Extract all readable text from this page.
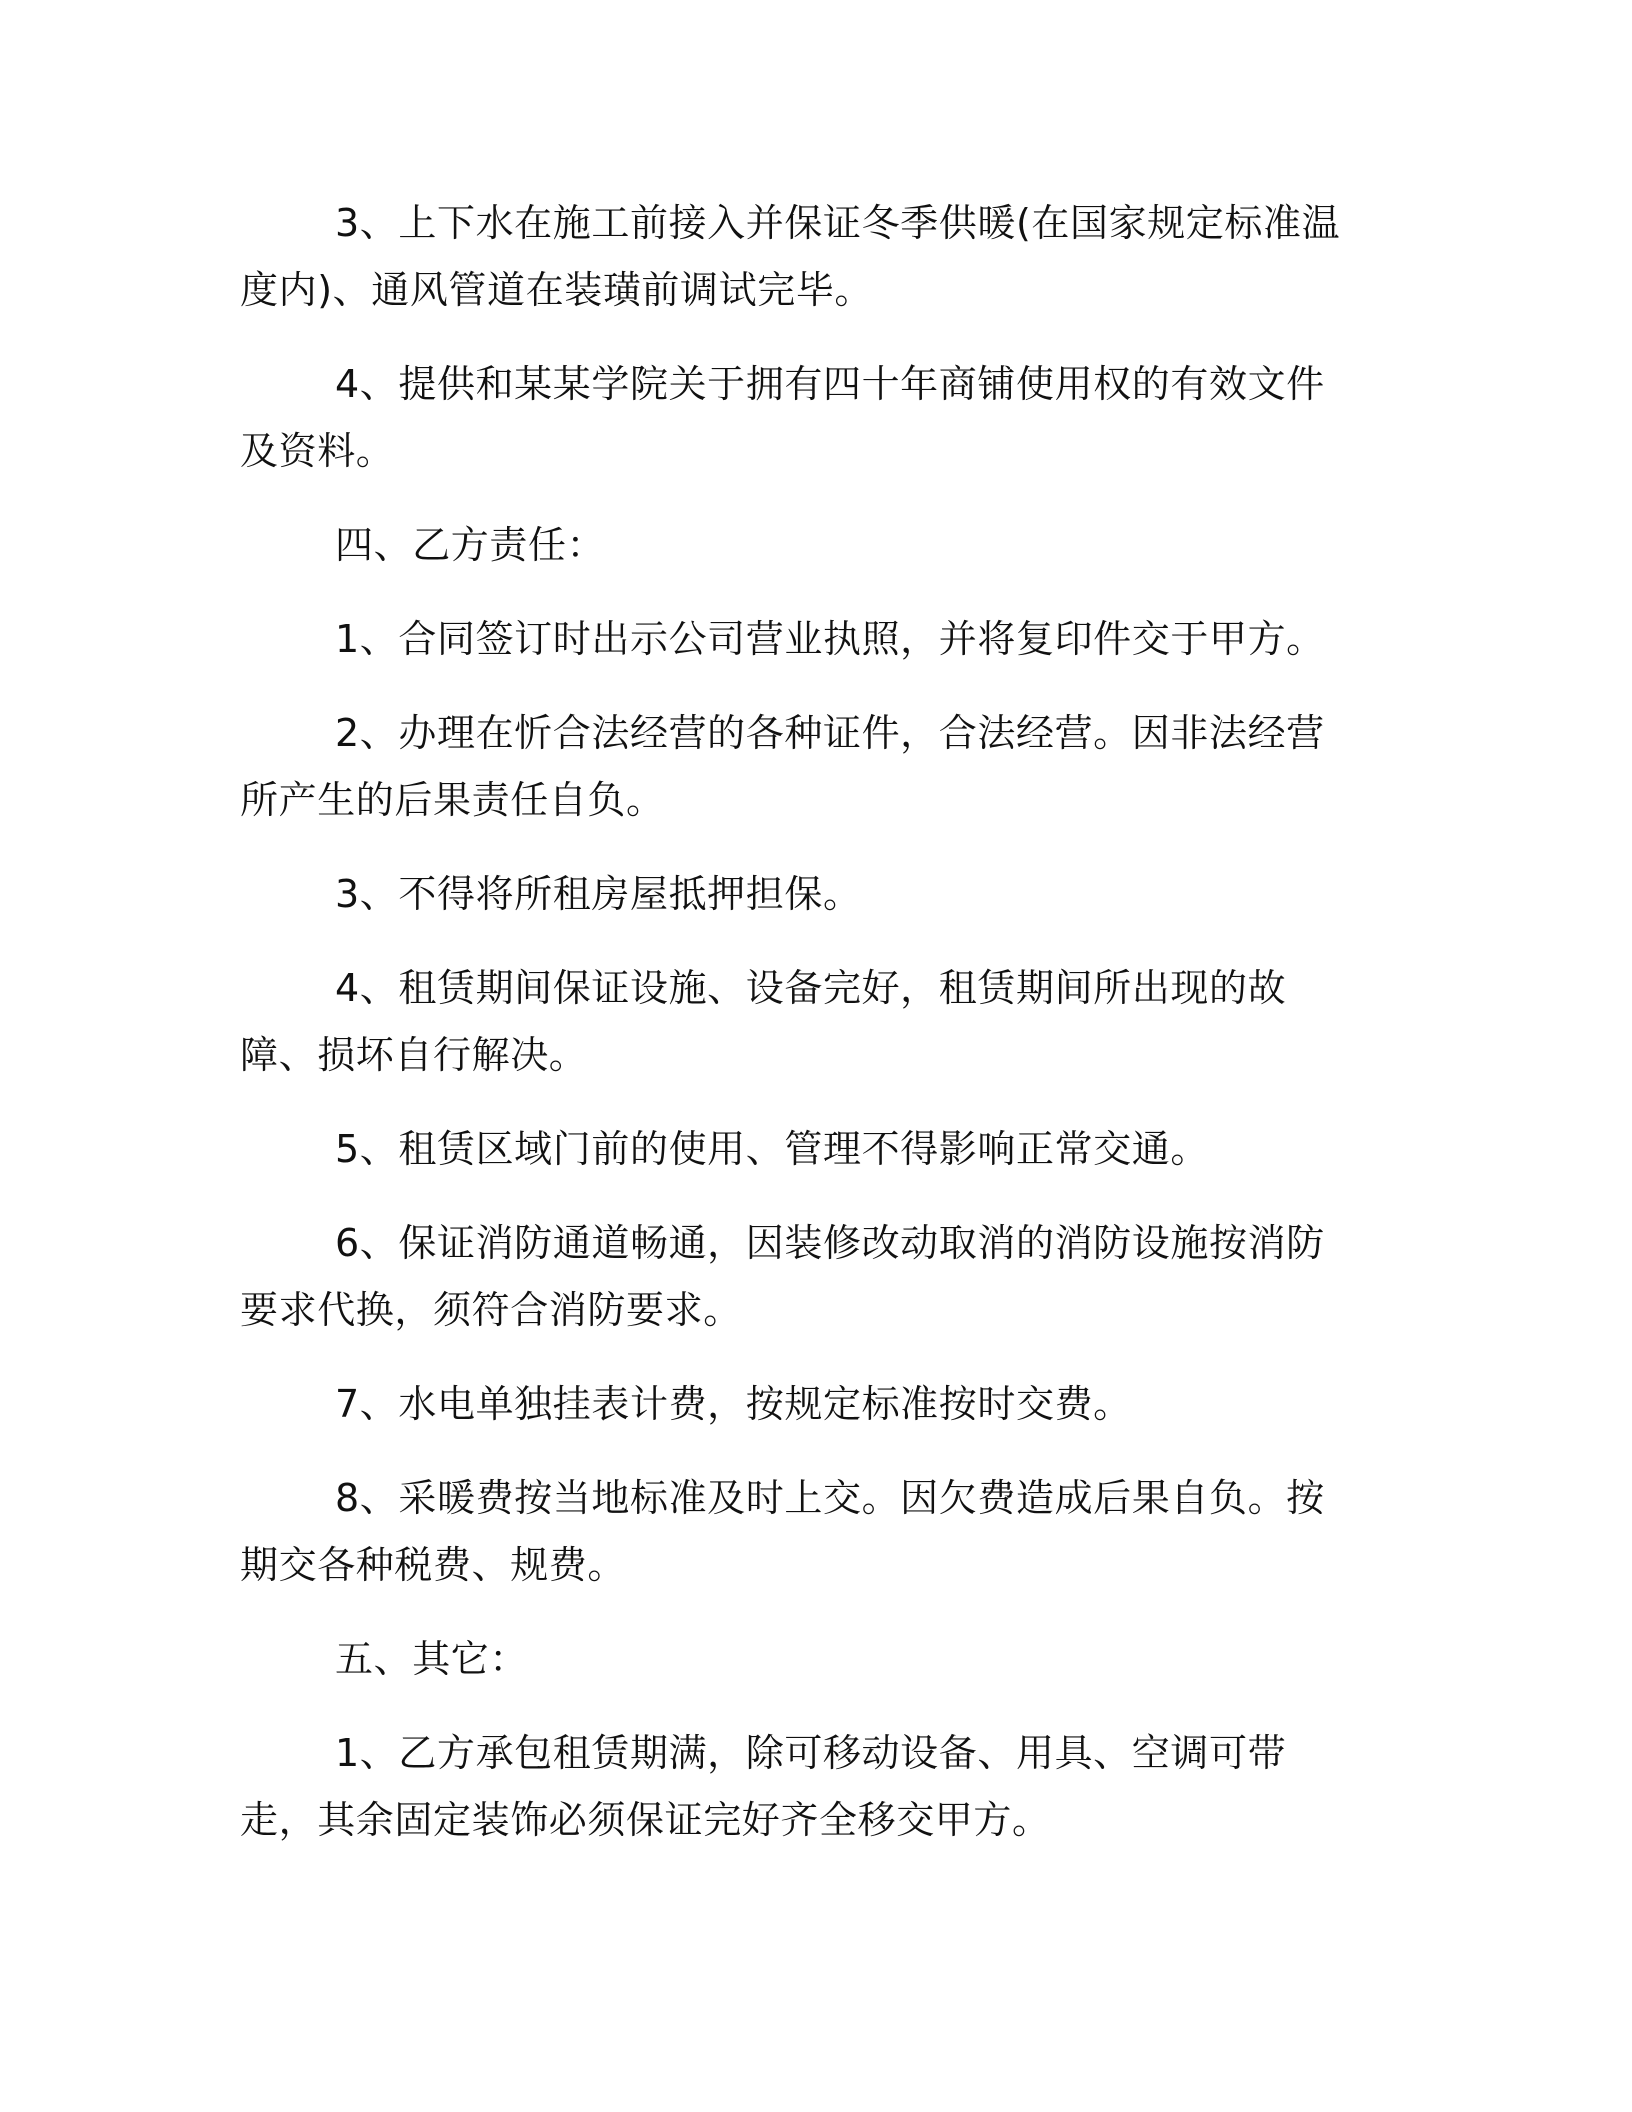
3、上下水在施工前接入并保证冬季供暖(在国家规定标准温度内)、通风管道在装璜前调试完毕。

4、提供和某某学院关于拥有四十年商铺使用权的有效文件及资料。

四、乙方责任：

1、合同签订时出示公司营业执照，并将复印件交于甲方。

2、办理在忻合法经营的各种证件，合法经营。因非法经营所产生的后果责任自负。

3、不得将所租房屋抵押担保。

4、租赁期间保证设施、设备完好，租赁期间所出现的故障、损坏自行解决。

5、租赁区域门前的使用、管理不得影响正常交通。

6、保证消防通道畅通，因装修改动取消的消防设施按消防要求代换，须符合消防要求。

7、水电单独挂表计费，按规定标准按时交费。

8、采暖费按当地标准及时上交。因欠费造成后果自负。按期交各种税费、规费。

五、其它：

1、乙方承包租赁期满，除可移动设备、用具、空调可带走，其余固定装饰必须保证完好齐全移交甲方。
